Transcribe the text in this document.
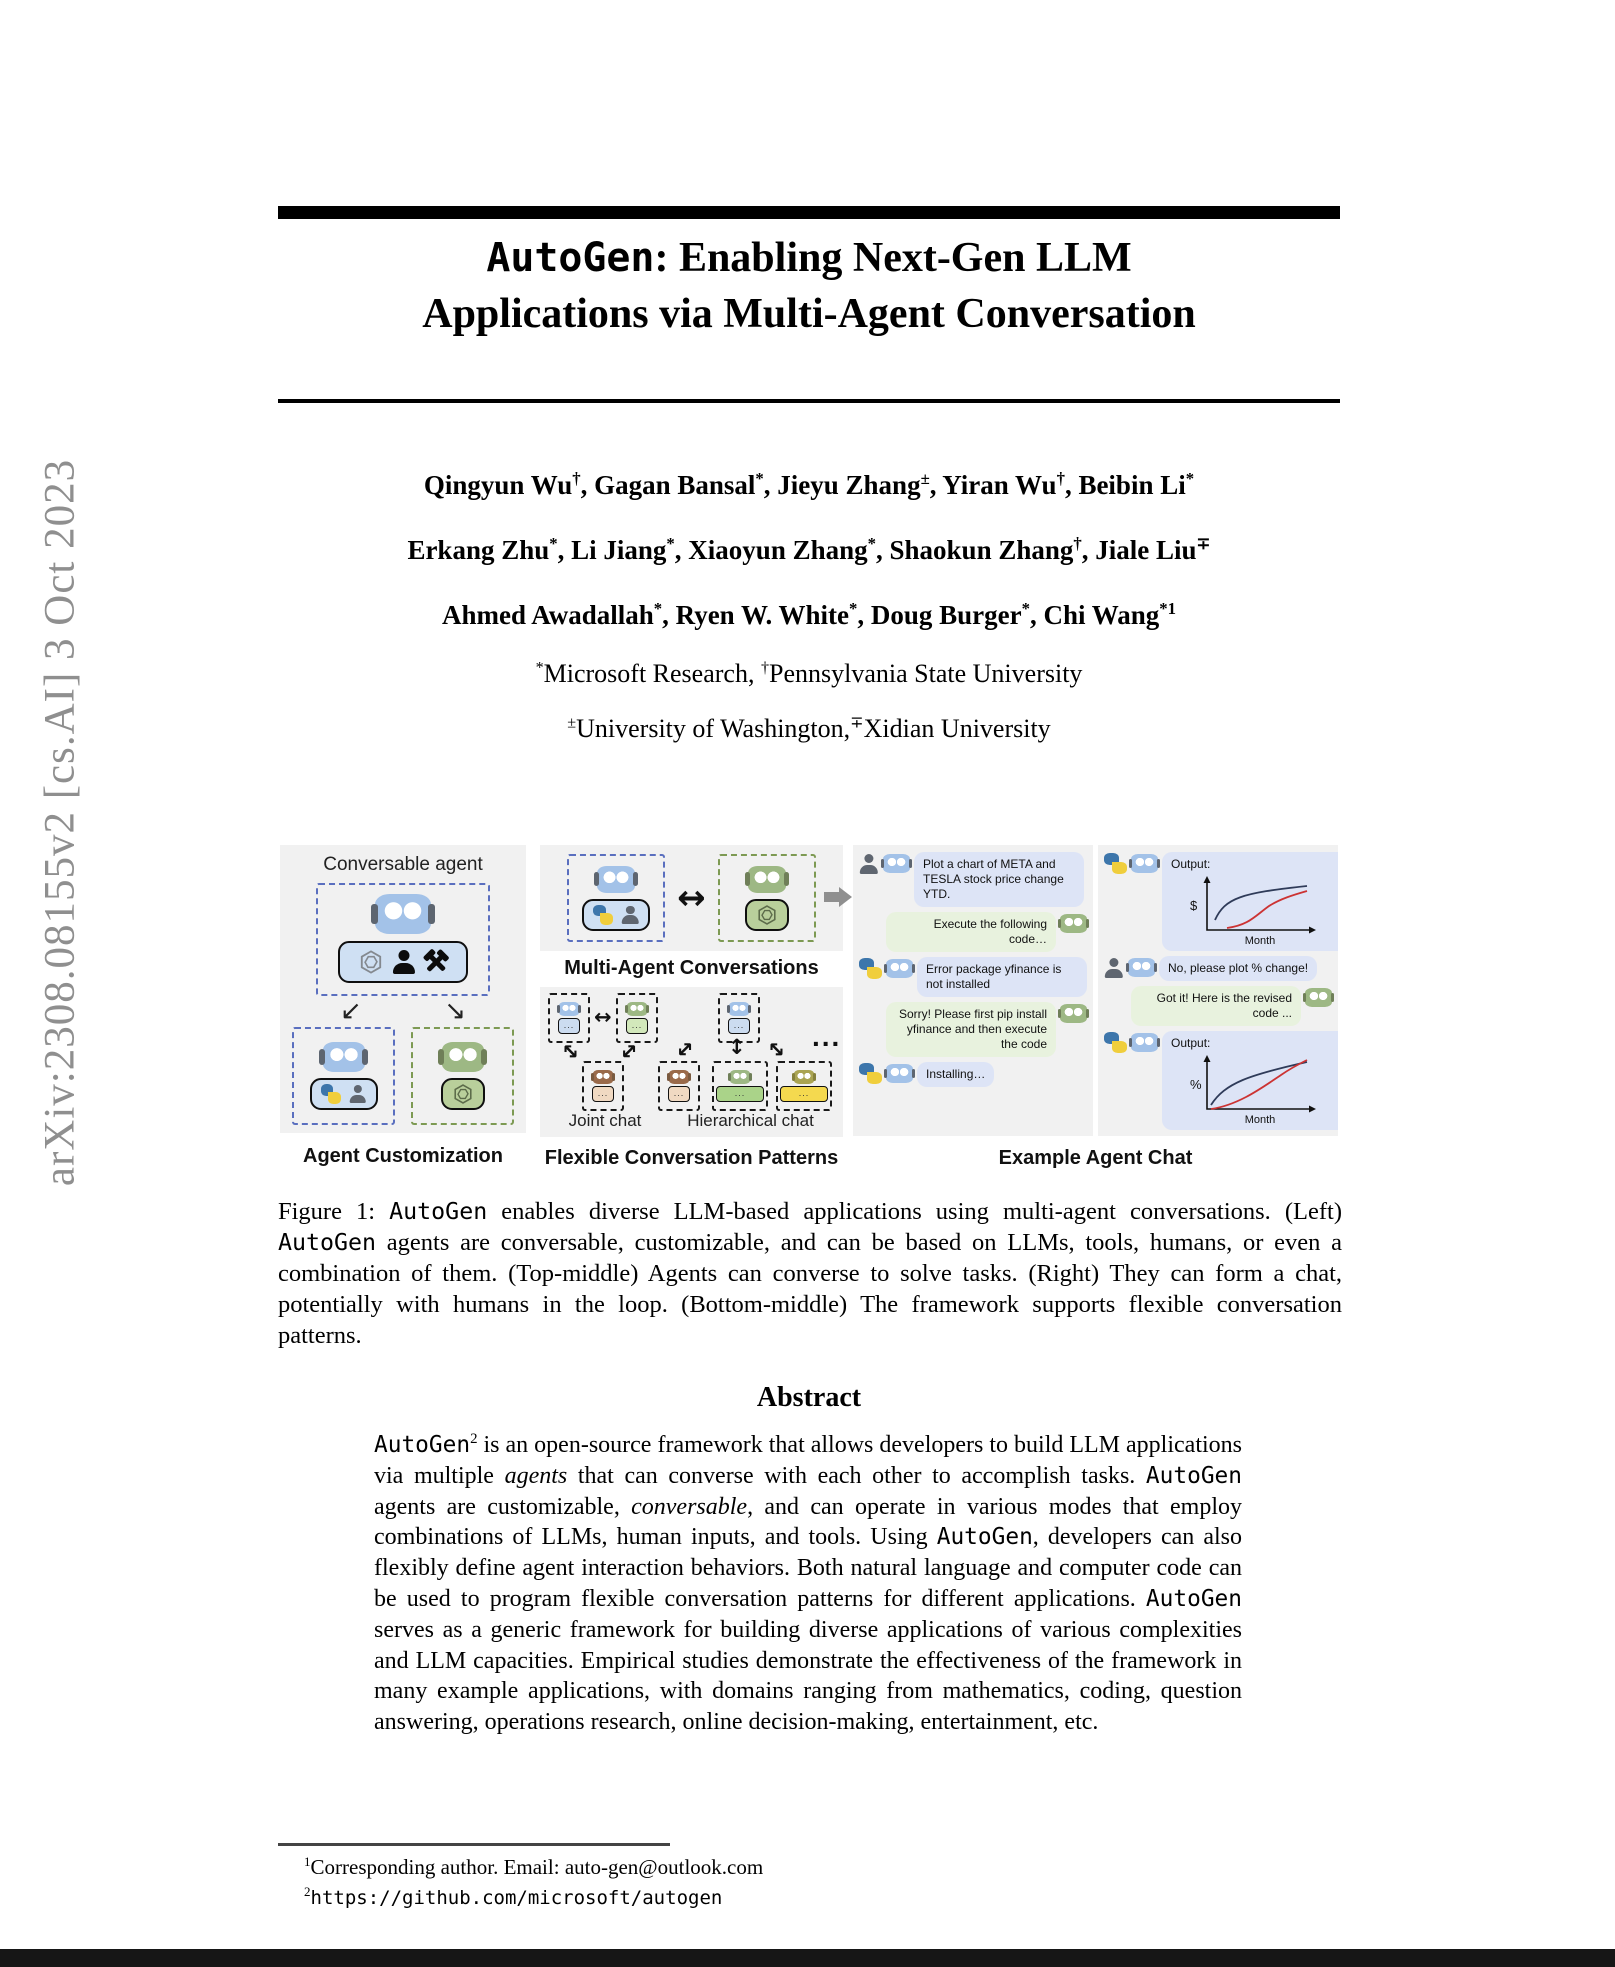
arXiv:2308.08155v2 [cs.AI] 3 Oct 2023
AutoGen: Enabling Next-Gen LLM
Applications via Multi-Agent Conversation
Qingyun Wu†, Gagan Bansal*, Jieyu Zhang±, Yiran Wu†, Beibin Li*
Erkang Zhu*, Li Jiang*, Xiaoyun Zhang*, Shaokun Zhang†, Jiale Liu∓
Ahmed Awadallah*, Ryen W. White*, Doug Burger*, Chi Wang$^{*1}$
*Microsoft Research, †Pennsylvania State University
±University of Washington,∓Xidian University
Conversable agent
↙	↘
Agent Customization
↔
Multi-Agent Conversations
... ↔	...
↔ ↔
...
Joint chat
...
↔ ↕ ↔
...	...	...
Hierarchical chat
...
Flexible Conversation Patterns
Plot a chart of META and TESLA stock price change YTD.
Execute the following code…
Error package yfinance is not installed
Sorry! Please first pip install yfinance and then execute the code
Installing…
Output:
$
Month
No, please plot % change!
Got it! Here is the revised code ...
Output:
%
Month
Example Agent Chat

Figure 1: AutoGen enables diverse LLM-based applications using multi-agent conversations. (Left) AutoGen agents are conversable, customizable, and can be based on LLMs, tools, humans, or even a combination of them. (Top-middle) Agents can converse to solve tasks. (Right) They can form a chat, potentially with humans in the loop. (Bottom-middle) The framework supports flexible conversation patterns.

Abstract

AutoGen$^2$ is an open-source framework that allows developers to build LLM applications via multiple agents that can converse with each other to accomplish tasks. AutoGen agents are customizable, conversable, and can operate in various modes that employ combinations of LLMs, human inputs, and tools. Using AutoGen, developers can also flexibly define agent interaction behaviors. Both natural language and computer code can be used to program flexible conversation patterns for different applications. AutoGen serves as a generic framework for building diverse applications of various complexities and LLM capacities. Empirical studies demonstrate the effectiveness of the framework in many example applications, with domains ranging from mathematics, coding, question answering, operations research, online decision-making, entertainment, etc.

$^1$Corresponding author. Email: auto-gen@outlook.com
$^2$https://github.com/microsoft/autogen
